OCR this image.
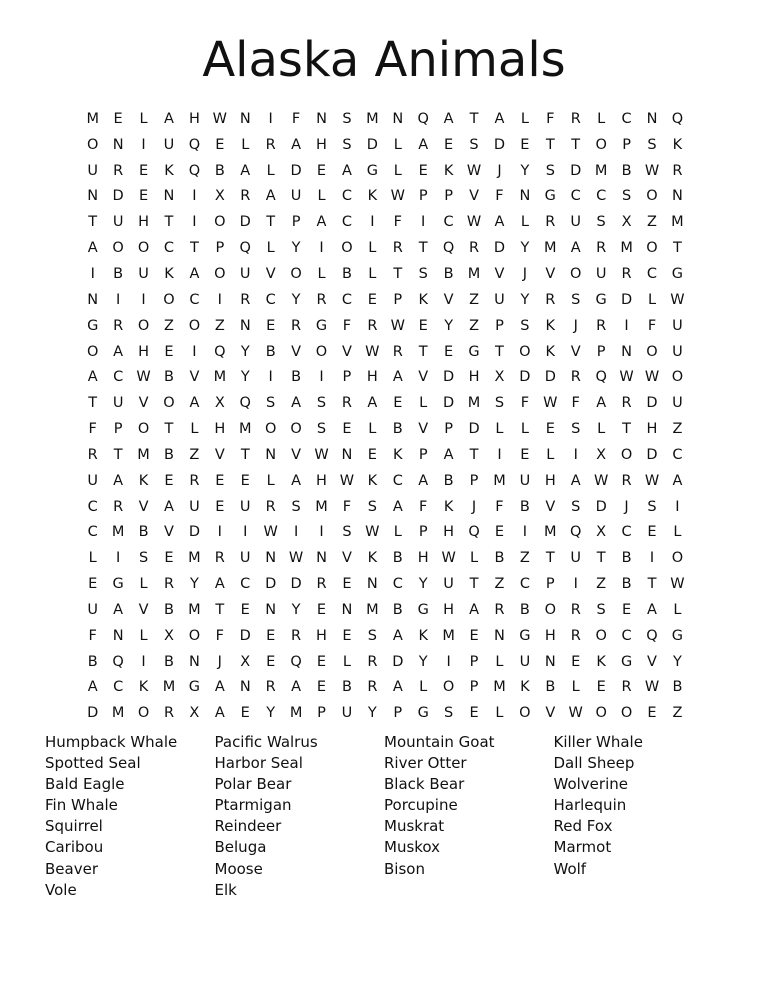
Alaska Animals
M	E	L	A	H W N	I	F	N	S	M N Q	A	T	A	L	F	R	L	C	N Q
O N	I	U Q	E	L	R	A	H	S	D	L	A	E	S	D	E	T	T	O	P	S	K
U	R	E	K	Q	B	A	L	D	E	A	G	L	E	K W	J	Y	S	D M B W R
N D	E	N	I	X	R	A	U	L	C	K W P	P	V	F	N G	C	C	S	O N
T	U	H	T	I	O D	T	P	A	C	I	F	I	C W A	L	R	U	S	X	Z M
A	O O	C	T	P	Q	L	Y	I	O	L	R	T	Q	R	D	Y	M A	R M O	T
I	B	U	K	A	O U	V	O	L	B	L	T	S	B M V	J	V	O U	R	C	G
N	I	I	O	C	I	R	C	Y	R	C	E	P	K	V	Z	U	Y	R	S	G D	L W
G	R	O	Z	O	Z	N	E	R	G	F	R W E	Y	Z	P	S	K	J	R	I	F	U
O	A	H	E	I	Q	Y	B	V	O	V W R	T	E	G	T	O	K	V	P	N O U
A	C W B	V M	Y	I	B	I	P	H	A	V	D H	X	D D	R	Q W W O
T	U	V	O	A	X	Q	S	A	S	R	A	E	L	D M	S	F W F	A	R	D	U
F	P	O	T	L	H M O O	S	E	L	B	V	P	D	L	L	E	S	L	T	H	Z
R	T	M B	Z	V	T	N	V W N	E	K	P	A	T	I	E	L	I	X	O D	C
U	A	K	E	R	E	E	L	A	H W K	C	A	B	P	M U	H	A W R W A
C	R	V	A	U	E	U	R	S	M	F	S	A	F	K	J	F	B	V	S	D	J	S	I
C M B	V	D	I	I	W	I	I	S W L	P	H Q	E	I	M Q	X	C	E	L
L	I	S	E	M R	U	N W N	V	K	B	H W L	B	Z	T	U	T	B	I	O
E	G	L	R	Y	A	C	D D	R	E	N	C	Y	U	T	Z	C	P	I	Z	B	T W
U	A	V	B M	T	E	N	Y	E	N M B	G H	A	R	B	O	R	S	E	A	L
F	N	L	X	O	F	D	E	R	H	E	S	A	K M	E	N G H	R	O	C	Q G
B	Q	I	B	N	J	X	E	Q	E	L	R	D	Y	I	P	L	U	N	E	K	G	V	Y
A	C	K M G	A	N	R	A	E	B	R	A	L	O	P	M K	B	L	E	R W B
D M O	R	X	A	E	Y	M	P	U	Y	P	G	S	E	L	O	V W O O	E	Z
Humpback Whale
Spotted Seal
Bald Eagle
Fin Whale
Squirrel
Caribou
Beaver
Vole
Pacific Walrus
Harbor Seal
Polar Bear
Ptarmigan
Reindeer
Beluga
Moose
Elk
Mountain Goat
River Otter
Black Bear
Porcupine
Muskrat
Muskox
Bison
Killer Whale
Dall Sheep
Wolverine
Harlequin
Red Fox
Marmot
Wolf
